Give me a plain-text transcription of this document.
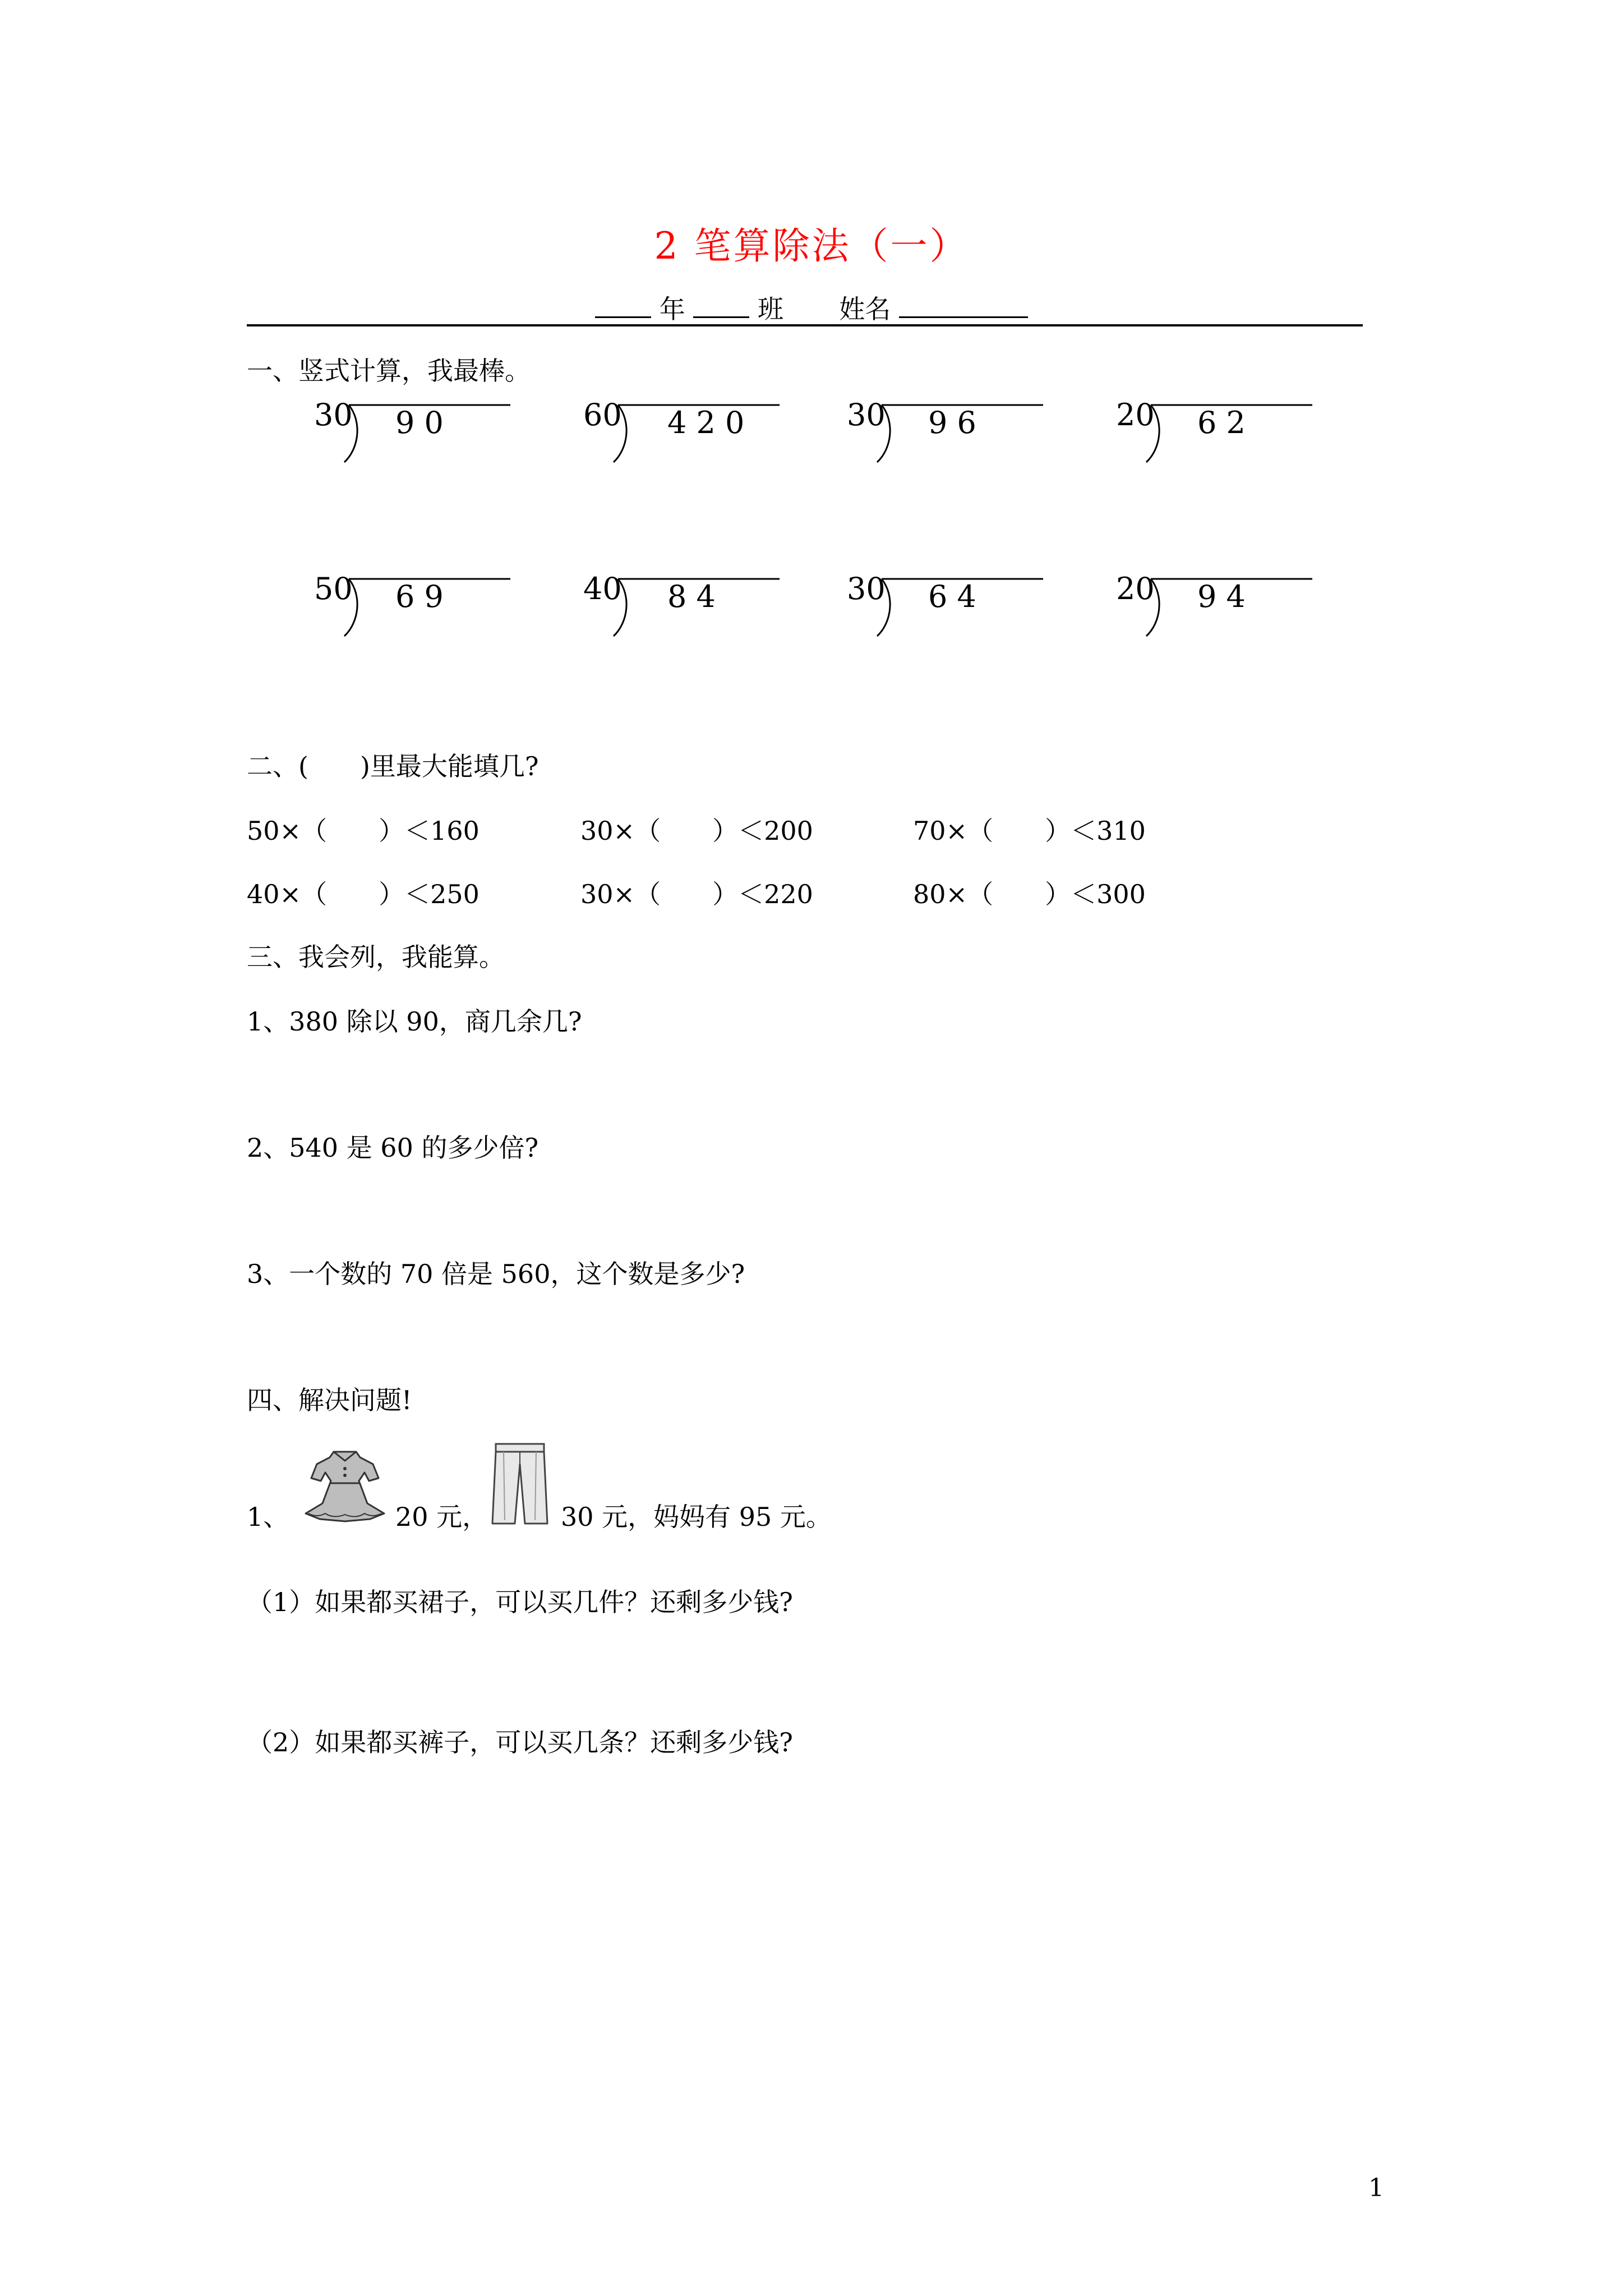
2 笔算除法（一）
年	班 姓名
一、竖式计算，我最棒。
30 9 0	60 4 2 0	30 9 6	20 6 2
50 6 9	40 8 4	30 6 4	20 9 4
二、(　　)里最大能填几?
50×（　　）＜160	30×（　　）＜200	70×（　　）＜310
40×（　　）＜250	30×（　　）＜220	80×（　　）＜300
三、我会列，我能算。
1、380 除以 90，商几余几?
2、540 是 60 的多少倍?
3、一个数的 70 倍是 560，这个数是多少?
四、解决问题!
1、	20 元，	30 元，妈妈有 95 元。
（1）如果都买裙子，可以买几件？还剩多少钱?
（2）如果都买裤子，可以买几条？还剩多少钱?
1
